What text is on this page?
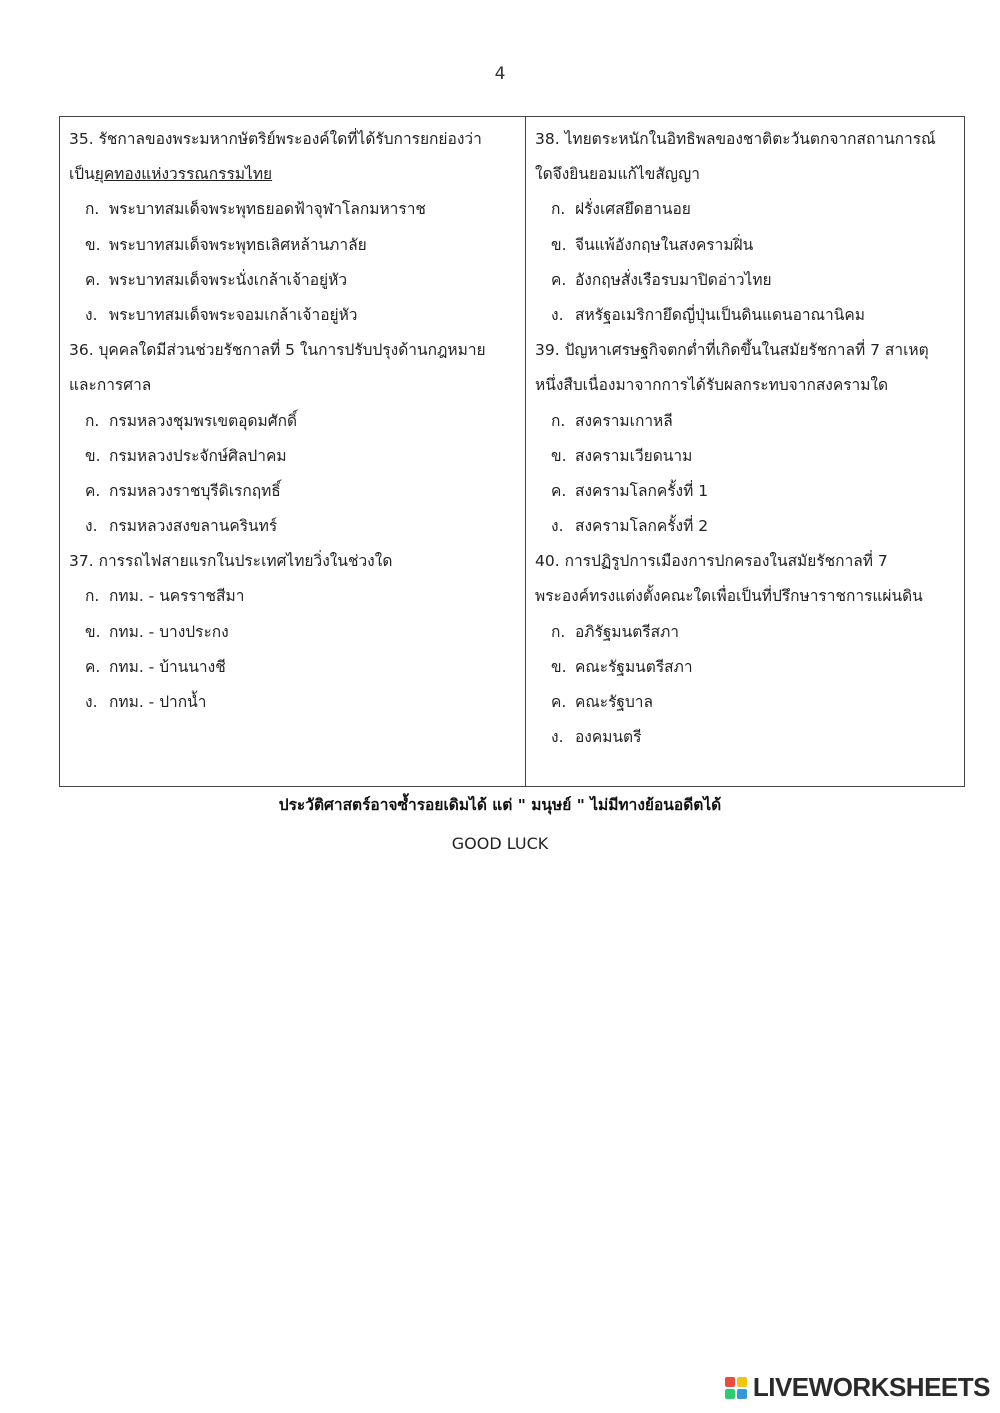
4
35. รัชกาลของพระมหากษัตริย์พระองค์ใดที่ได้รับการยกย่องว่า
เป็นยุคทองแห่งวรรณกรรมไทย
ก. พระบาทสมเด็จพระพุทธยอดฟ้าจุฬาโลกมหาราช
ข. พระบาทสมเด็จพระพุทธเลิศหล้านภาลัย
ค. พระบาทสมเด็จพระนั่งเกล้าเจ้าอยู่หัว
ง. พระบาทสมเด็จพระจอมเกล้าเจ้าอยู่หัว
36. บุคคลใดมีส่วนช่วยรัชกาลที่ 5 ในการปรับปรุงด้านกฎหมาย
และการศาล
ก. กรมหลวงชุมพรเขตอุดมศักดิ์
ข. กรมหลวงประจักษ์ศิลปาคม
ค. กรมหลวงราชบุรีดิเรกฤทธิ์
ง. กรมหลวงสงขลานครินทร์
37. การรถไฟสายแรกในประเทศไทยวิ่งในช่วงใด
ก. กทม. - นครราชสีมา
ข. กทม. - บางประกง
ค. กทม. - บ้านนางชี
ง. กทม. - ปากน้ำ
38. ไทยตระหนักในอิทธิพลของชาติตะวันตกจากสถานการณ์
ใดจึงยินยอมแก้ไขสัญญา
ก. ฝรั่งเศสยึดฮานอย
ข. จีนแพ้อังกฤษในสงครามฝิ่น
ค. อังกฤษสั่งเรือรบมาปิดอ่าวไทย
ง. สหรัฐอเมริกายึดญี่ปุ่นเป็นดินแดนอาณานิคม
39. ปัญหาเศรษฐกิจตกต่ำที่เกิดขึ้นในสมัยรัชกาลที่ 7 สาเหตุ
หนึ่งสืบเนื่องมาจากการได้รับผลกระทบจากสงครามใด
ก. สงครามเกาหลี
ข. สงครามเวียดนาม
ค. สงครามโลกครั้งที่ 1
ง. สงครามโลกครั้งที่ 2
40. การปฏิรูปการเมืองการปกครองในสมัยรัชกาลที่ 7
พระองค์ทรงแต่งตั้งคณะใดเพื่อเป็นที่ปรึกษาราชการแผ่นดิน
ก. อภิรัฐมนตรีสภา
ข. คณะรัฐมนตรีสภา
ค. คณะรัฐบาล
ง. องคมนตรี
ประวัติศาสตร์อาจซ้ำรอยเดิมได้ แต่ " มนุษย์ " ไม่มีทางย้อนอดีตได้
GOOD LUCK
LIVEWORKSHEETS
